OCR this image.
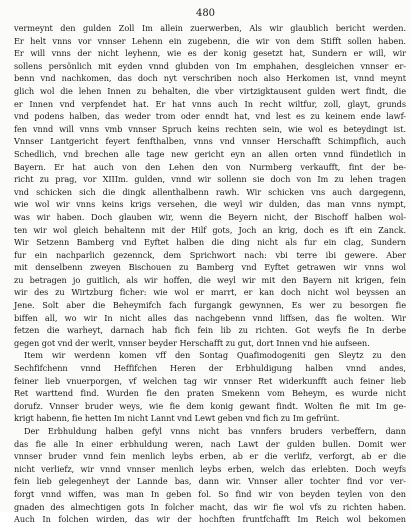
480
vermeynt den gulden Zoll Im allein zuerwerben, Als wir glaublich bericht werden.
Er helt vnns vor vnnser Lehenn ein zugebenn, die wir von dem Stifft sollen haben.
Er will vnns der nicht leyhenn, wie es der konig gesetzt hat, Sundern er will, wir
sollens persönlich mit eyden vnnd glubden von Im emphahen, desgleichen vnnser er-
benn vnd nachkomen, das doch nyt verschriben noch also Herkomen ist, vnnd meynt
glich wol die lehen Innen zu behalten, die vber virtzigktausent gulden wert findt, die
er Innen vnd verpfendet hat. Er hat vnns auch In recht wiltfur, zoll, glayt, grunds
vnd podens halben, das weder trom oder enndt hat, vnd lest es zu keinem ende lawf-
fen vnnd will vnns vmb vnnser Spruch keins rechten sein, wie wol es beteydingt ist.
Vnnser Lantgericht feyert fenfthalben, vnns vnd vnnser Herschafft Schimpflich, auch
Schedlich, vnd brechen alle tage new gericht eyn an allen orten vnnd fündetlich in
Bayern. Er hat auch von den Lehen den von Nurmberg verkaufft, fint der be-
richt zu prag, vor XIIIm. gulden, vnnd wir sollenn sie doch von Im zu lehen tragen
vnd schicken sich die dingk allenthalbenn rawh. Wir schicken vns auch dargegenn,
wie wol wir vnns keins krigs versehen, die weyl wir dulden, das man vnns nympt,
was wir haben. Doch glauben wir, wenn die Beyern nicht, der Bischoff halben wol-
ten wir wol gleich behaltenn mit der Hilf gots, Joch an krig, doch es ift ein Zanck.
Wir Setzenn Bamberg vnd Eyftet halben die ding nicht als fur ein clag, Sundern
fur ein nachparlich gezennck, dem Sprichwort nach: vbi terre ibi gewere. Aber
mit denselbenn zweyen Bischouen zu Bamberg vnd Eyftet getrawen wir vnns wol
zu betragen jo guitlich, als wir hoffen, die weyl wir mit den Bayern nit krigen, fein
wir des zu Wirtzburg ficher: wie wol er marrt, er kan doch nicht wol beyssen an
Jene. Solt aber die Beheymifch fach furgangk gewynnen, Es wer zu besorgen fie
biffen all, wo wir In nicht alles das nachgebenn vnnd liffsen, das fie wolten. Wir
fetzen die warheyt, darnach hab fich fein lib zu richten. Got weyfs fie In derbe
gegen got vnd der werlt, vnnser beyder Herschafft zu gut, dort Innen vnd hie aufseen.
Item wir werdenn komen vff den Sontag Quafimodogeniti gen Sleytz zu den
Sechfifchenn vnnd Heffifchen Heren der Erbhuldigung halben vnnd andes,
feiner lieb vnuerporgen, vf welchen tag wir vnnser Ret widerkunfft auch feiner lieb
Ret warttend find. Wurden fie den praten Smekenn vom Beheym, es wurde nicht
dorufz. Vnnser bruder weys, wie fie dem konig gewant findt. Wolten fie mit Im ge-
krigt habenn, fie hetten Im nicht Lannt vnd Lewt geben vnd fich zu Im gefrünt.
Der Erbhuldung halben gefyl vnns nicht bas vnnfers bruders verbeffern, dann
das fie alle In einer erbhuldung weren, nach Lawt der gulden bullen. Domit wer
vnnser bruder vnnd fein menlich leybs erben, ab er die verlifz, verforgt, ab er die
nicht verliefz, wir vnnd vnnser menlich leybs erben, welch das erlebten. Doch weyfs
fein lieb gelegenheyt der Lannde bas, dann wir. Vnnser aller tochter find vor ver-
forgt vnnd wiffen, was man In geben fol. So find wir von beyden teylen von den
gnaden des almechtigen gots In folcher macht, das wir fie wol vfs zu richten haben.
Auch In folchen wirden, das wir der hochften fruntfchafft Im Reich wol bekomen
